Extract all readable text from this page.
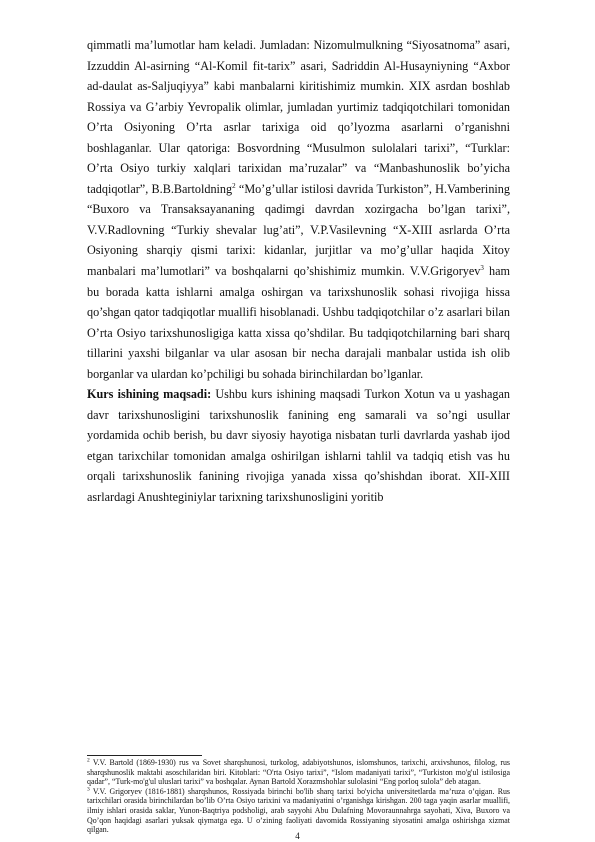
qimmatli ma’lumotlar ham keladi. Jumladan: Nizomulmulkning “Siyosatnoma” asari, Izzuddin Al-asirning “Al-Komil fit-tarix” asari, Sadriddin Al-Husayniyning “Axbor ad-daulat as-Saljuqiyya” kabi manbalarni kiritishimiz mumkin. XIX asrdan boshlab Rossiya va G’arbiy Yevropalik olimlar, jumladan yurtimiz tadqiqotchilari tomonidan O’rta Osiyoning O’rta asrlar tarixiga oid qo’lyozma asarlarni o’rganishni boshlaganlar. Ular qatoriga: Bosvordning “Musulmon sulolalari tarixi”, “Turklar: O’rta Osiyo turkiy xalqlari tarixidan ma’ruzalar” va “Manbashunoslik bo’yicha tadqiqotlar”, B.B.Bartoldning$^2$ “Mo’g’ullar istilosi davrida Turkiston”, H.Vamberining “Buxoro va Transaksayananing qadimgi davrdan xozirgacha bo’lgan tarixi”, V.V.Radlovning “Turkiy shevalar lug’ati”, V.P.Vasilevning “X-XIII asrlarda O’rta Osiyoning sharqiy qismi tarixi: kidanlar, jurjitlar va mo’g’ullar haqida Xitoy manbalari ma’lumotlari” va boshqalarni qo’shishimiz mumkin. V.V.Grigoryev$^3$ ham bu borada katta ishlarni amalga oshirgan va tarixshunoslik sohasi rivojiga hissa qo’shgan qator tadqiqotlar muallifi hisoblanadi. Ushbu tadqiqotchilar o’z asarlari bilan O’rta Osiyo tarixshunosligiga katta xissa qo’shdilar. Bu tadqiqotchilarning bari sharq tillarini yaxshi bilganlar va ular asosan bir necha darajali manbalar ustida ish olib borganlar va ulardan ko’pchiligi bu sohada birinchilardan bo’lganlar.

Kurs ishining maqsadi: Ushbu kurs ishining maqsadi Turkon Xotun va u yashagan davr tarixshunosligini tarixshunoslik fanining eng samarali va so’ngi usullar yordamida ochib berish, bu davr siyosiy hayotiga nisbatan turli davrlarda yashab ijod etgan tarixchilar tomonidan amalga oshirilgan ishlarni tahlil va tadqiq etish vas hu orqali tarixshunoslik fanining rivojiga yanada xissa qo’shishdan iborat. XII-XIII asrlardagi Anushteginiylar tarixning tarixshunosligini yoritib

$^2$ V.V. Bartold (1869-1930) rus va Sovet sharqshunosi, turkolog, adabiyotshunos, islomshunos, tarixchi, arxivshunos, filolog, rus sharqshunoslik maktabi asoschilaridan biri. Kitoblari: “O'rta Osiyo tarixi”, “Islom madaniyati tarixi”, “Turkiston mo'g'ul istilosiga qadar”, “Turk-mo'g'ul uluslari tarixi” va boshqalar. Aynan Bartold Xorazmshohlar sulolasini “Eng porloq sulola” deb atagan.

$^3$ V.V. Grigoryev (1816-1881) sharqshunos, Rossiyada birinchi bo'lib sharq tarixi bo'yicha universitetlarda ma’ruza o’qigan. Rus tarixchilari orasida birinchilardan bo’lib O’rta Osiyo tarixini va madaniyatini o’rganishga kirishgan. 200 taga yaqin asarlar muallifi, ilmiy ishlari orasida saklar, Yunon-Baqtriya podsholigi, arab sayyohi Abu Dulafning Movoraunnahrga sayohati, Xiva, Buxoro va Qo’qon haqidagi asarlari yuksak qiymatga ega. U o’zining faoliyati davomida Rossiyaning siyosatini amalga oshirishga xizmat qilgan.

4
